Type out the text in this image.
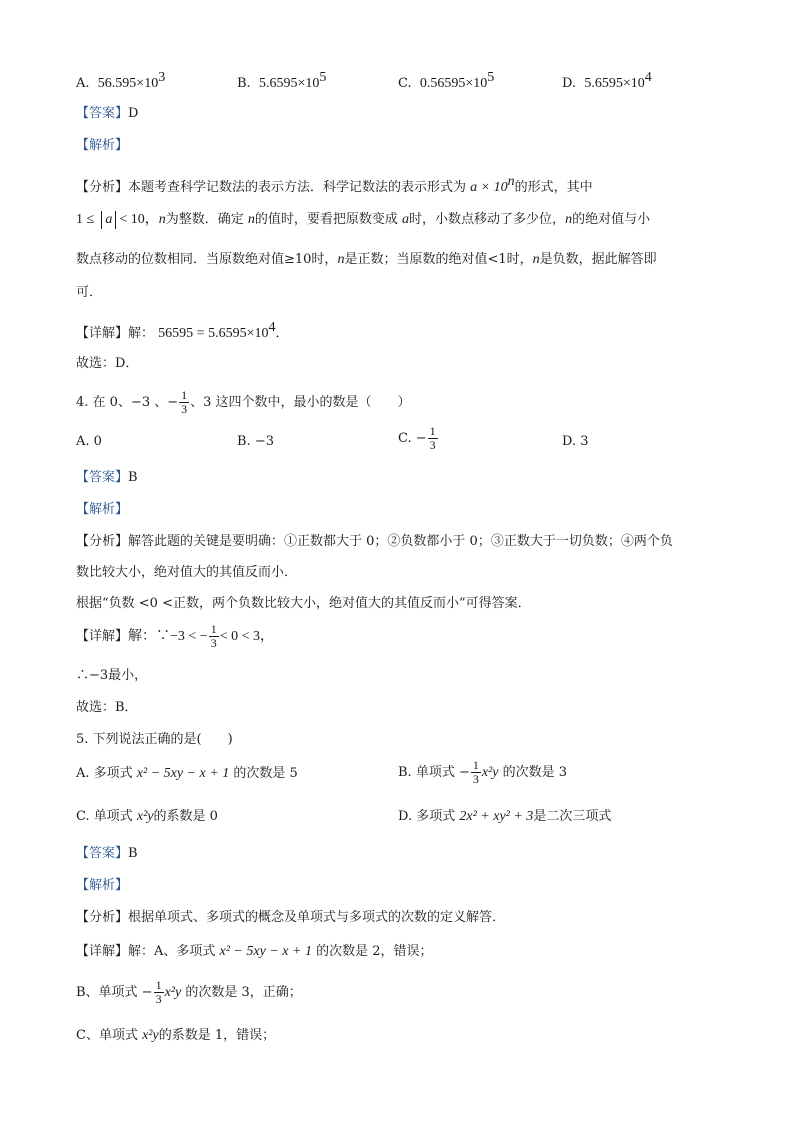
A. $56.595\times 10^3$	B. $5.6595\times 10^5$	C. $0.56595\times 10^5$	D. $5.6595\times 10^4$
【答案】D
【解析】
【分析】本题考查科学记数法的表示方法．科学记数法的表示形式为 $a \times 10^n$的形式，其中
1 ≤ a < 10，n为整数．确定 n的值时，要看把原数变成 a时，小数点移动了多少位，n的绝对值与小
数点移动的位数相同．当原数绝对值≥10时，n是正数；当原数的绝对值<1时，n是负数，据此解答即
可．
【详解】解： $56595 = 5.6595\times 10^4$．
故选：D．
4. 在 0、−3 、− $\frac{1}{3}$ 、3 这四个数中，最小的数是（　　）
A. 0	B. −3	C. − $\frac{1}{3}$	D. 3
【答案】B
【解析】
【分析】解答此题的关键是要明确：①正数都大于 0；②负数都小于 0；③正数大于一切负数；④两个负
数比较大小，绝对值大的其值反而小．
根据“负数 <0 <正数，两个负数比较大小，绝对值大的其值反而小”可得答案．
【详解】解：∵−3 < − $\frac{1}{3} < 0 < 3$，
∴−3最小，
故选：B．
5. 下列说法正确的是(　　)
A. 多项式 x² − 5xy − x + 1 的次数是 5	B. 单项式 − $\frac{1}{3} x^2y$ 的次数是 3
C. 单项式 x²y的系数是 0	D. 多项式 2x² + xy² + 3是二次三项式
【答案】B
【解析】
【分析】根据单项式、多项式的概念及单项式与多项式的次数的定义解答．
【详解】解：A、多项式 x² − 5xy − x + 1 的次数是 2，错误；
B、单项式 − $\frac{1}{3} x^2y$ 的次数是 3，正确；
C、单项式 x²y的系数是 1，错误；
